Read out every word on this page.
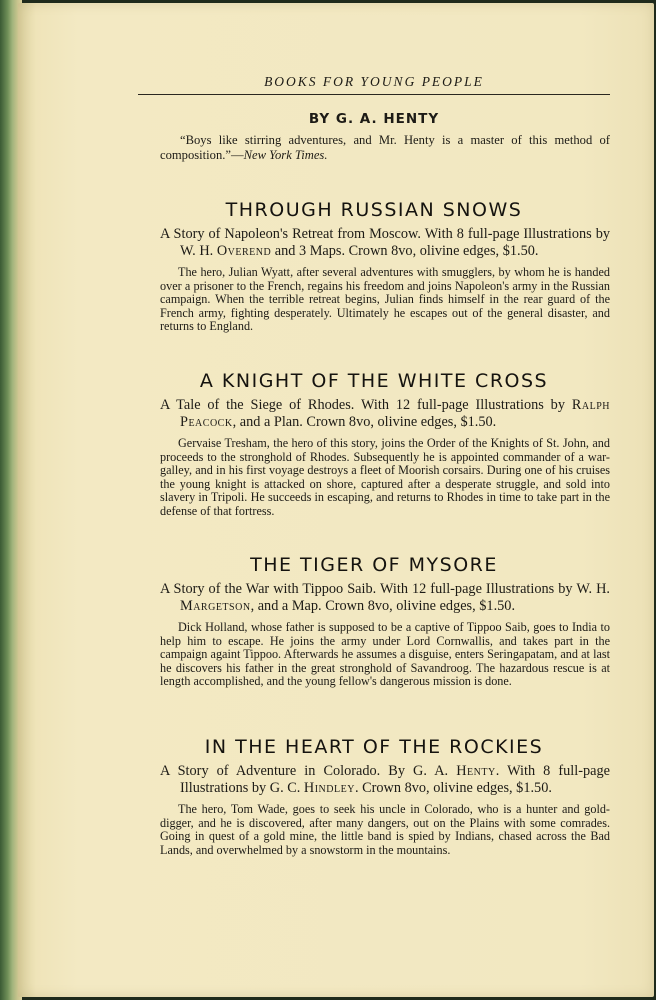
BOOKS FOR YOUNG PEOPLE
BY G. A. HENTY
“Boys like stirring adventures, and Mr. Henty is a master of this method of composition.”—New York Times.
THROUGH RUSSIAN SNOWS
A Story of Napoleon's Retreat from Moscow. With 8 full-page Illustrations by W. H. Overend and 3 Maps. Crown 8vo, olivine edges, $1.50.
The hero, Julian Wyatt, after several adventures with smugglers, by whom he is handed over a prisoner to the French, regains his freedom and joins Napoleon's army in the Russian campaign. When the terrible retreat begins, Julian finds himself in the rear guard of the French army, fighting desperately. Ultimately he escapes out of the general disaster, and returns to England.
A KNIGHT OF THE WHITE CROSS
A Tale of the Siege of Rhodes. With 12 full-page Illustrations by Ralph Peacock, and a Plan. Crown 8vo, olivine edges, $1.50.
Gervaise Tresham, the hero of this story, joins the Order of the Knights of St. John, and proceeds to the stronghold of Rhodes. Subsequently he is appointed commander of a war-galley, and in his first voyage destroys a fleet of Moorish corsairs. During one of his cruises the young knight is attacked on shore, captured after a desperate struggle, and sold into slavery in Tripoli. He succeeds in escaping, and returns to Rhodes in time to take part in the defense of that fortress.
THE TIGER OF MYSORE
A Story of the War with Tippoo Saib. With 12 full-page Illustrations by W. H. Margetson, and a Map. Crown 8vo, olivine edges, $1.50.
Dick Holland, whose father is supposed to be a captive of Tippoo Saib, goes to India to help him to escape. He joins the army under Lord Cornwallis, and takes part in the campaign againt Tippoo. Afterwards he assumes a disguise, enters Seringapatam, and at last he discovers his father in the great stronghold of Savandroog. The hazardous rescue is at length accomplished, and the young fellow's dangerous mission is done.
IN THE HEART OF THE ROCKIES
A Story of Adventure in Colorado. By G. A. Henty. With 8 full-page Illustrations by G. C. Hindley. Crown 8vo, olivine edges, $1.50.
The hero, Tom Wade, goes to seek his uncle in Colorado, who is a hunter and gold-digger, and he is discovered, after many dangers, out on the Plains with some comrades. Going in quest of a gold mine, the little band is spied by Indians, chased across the Bad Lands, and overwhelmed by a snowstorm in the mountains.
